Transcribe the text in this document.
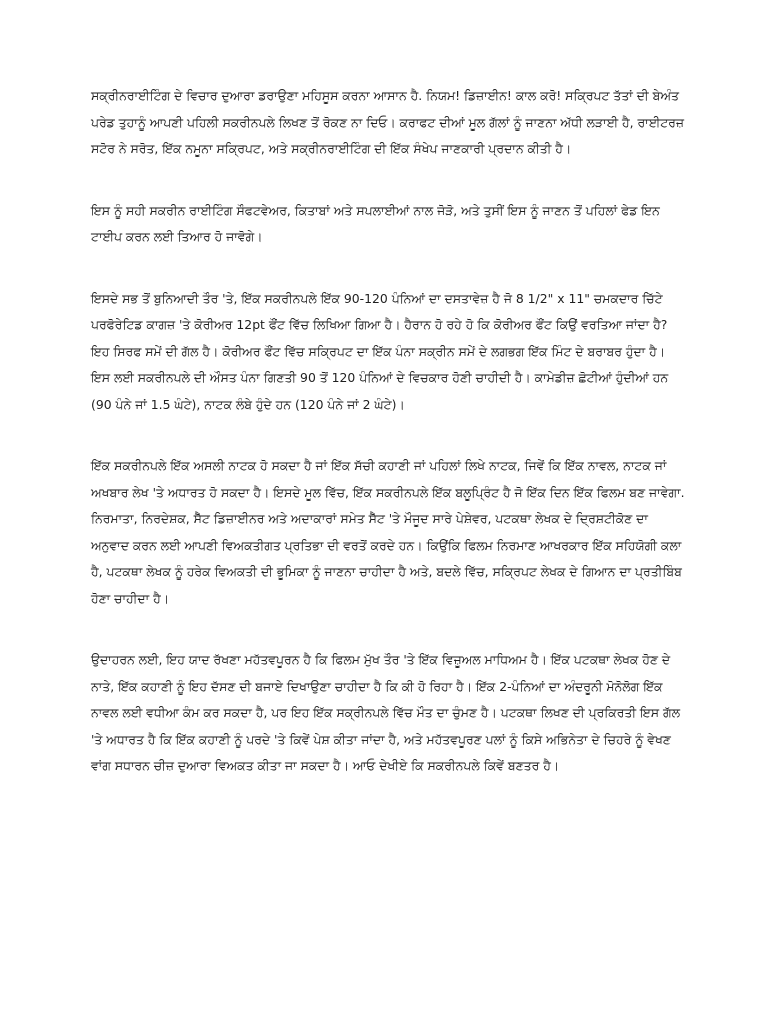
ਸਕ੍ਰੀਨਰਾਈਟਿੰਗ ਦੇ ਵਿਚਾਰ ਦੁਆਰਾ ਡਰਾਉਣਾ ਮਹਿਸੂਸ ਕਰਨਾ ਆਸਾਨ ਹੈ. ਨਿਯਮ! ਡਿਜ਼ਾਈਨ! ਕਾਲ ਕਰੋ! ਸਕ੍ਰਿਪਟ ਤੱਤਾਂ ਦੀ ਬੇਅੰਤ ਪਰੇਡ ਤੁਹਾਨੂੰ ਆਪਣੀ ਪਹਿਲੀ ਸਕਰੀਨਪਲੇ ਲਿਖਣ ਤੋਂ ਰੋਕਣ ਨਾ ਦਿਓ। ਕਰਾਫਟ ਦੀਆਂ ਮੂਲ ਗੱਲਾਂ ਨੂੰ ਜਾਣਨਾ ਅੱਧੀ ਲੜਾਈ ਹੈ, ਰਾਈਟਰਜ਼ ਸਟੋਰ ਨੇ ਸਰੋਤ, ਇੱਕ ਨਮੂਨਾ ਸਕ੍ਰਿਪਟ, ਅਤੇ ਸਕ੍ਰੀਨਰਾਈਟਿੰਗ ਦੀ ਇੱਕ ਸੰਖੇਪ ਜਾਣਕਾਰੀ ਪ੍ਰਦਾਨ ਕੀਤੀ ਹੈ।

ਇਸ ਨੂੰ ਸਹੀ ਸਕਰੀਨ ਰਾਈਟਿੰਗ ਸੌਫਟਵੇਅਰ, ਕਿਤਾਬਾਂ ਅਤੇ ਸਪਲਾਈਆਂ ਨਾਲ ਜੋੜੋ, ਅਤੇ ਤੁਸੀਂ ਇਸ ਨੂੰ ਜਾਣਨ ਤੋਂ ਪਹਿਲਾਂ ਫੇਡ ਇਨ ਟਾਈਪ ਕਰਨ ਲਈ ਤਿਆਰ ਹੋ ਜਾਵੋਗੇ।

ਇਸਦੇ ਸਭ ਤੋਂ ਬੁਨਿਆਦੀ ਤੌਰ 'ਤੇ, ਇੱਕ ਸਕਰੀਨਪਲੇ ਇੱਕ 90-120 ਪੰਨਿਆਂ ਦਾ ਦਸਤਾਵੇਜ਼ ਹੈ ਜੋ 8 1/2" x 11" ਚਮਕਦਾਰ ਚਿੱਟੇ ਪਰਫੋਰੇਟਿਡ ਕਾਗਜ਼ 'ਤੇ ਕੋਰੀਅਰ 12pt ਫੌਂਟ ਵਿੱਚ ਲਿਖਿਆ ਗਿਆ ਹੈ। ਹੈਰਾਨ ਹੋ ਰਹੇ ਹੋ ਕਿ ਕੋਰੀਅਰ ਫੌਂਟ ਕਿਉਂ ਵਰਤਿਆ ਜਾਂਦਾ ਹੈ? ਇਹ ਸਿਰਫ ਸਮੇਂ ਦੀ ਗੱਲ ਹੈ। ਕੋਰੀਅਰ ਫੌਂਟ ਵਿੱਚ ਸਕ੍ਰਿਪਟ ਦਾ ਇੱਕ ਪੰਨਾ ਸਕ੍ਰੀਨ ਸਮੇਂ ਦੇ ਲਗਭਗ ਇੱਕ ਮਿੰਟ ਦੇ ਬਰਾਬਰ ਹੁੰਦਾ ਹੈ। ਇਸ ਲਈ ਸਕਰੀਨਪਲੇ ਦੀ ਔਸਤ ਪੰਨਾ ਗਿਣਤੀ 90 ਤੋਂ 120 ਪੰਨਿਆਂ ਦੇ ਵਿਚਕਾਰ ਹੋਣੀ ਚਾਹੀਦੀ ਹੈ। ਕਾਮੇਡੀਜ਼ ਛੋਟੀਆਂ ਹੁੰਦੀਆਂ ਹਨ (90 ਪੰਨੇ ਜਾਂ 1.5 ਘੰਟੇ), ਨਾਟਕ ਲੰਬੇ ਹੁੰਦੇ ਹਨ (120 ਪੰਨੇ ਜਾਂ 2 ਘੰਟੇ)।

ਇੱਕ ਸਕਰੀਨਪਲੇ ਇੱਕ ਅਸਲੀ ਨਾਟਕ ਹੋ ਸਕਦਾ ਹੈ ਜਾਂ ਇੱਕ ਸੱਚੀ ਕਹਾਣੀ ਜਾਂ ਪਹਿਲਾਂ ਲਿਖੇ ਨਾਟਕ, ਜਿਵੇਂ ਕਿ ਇੱਕ ਨਾਵਲ, ਨਾਟਕ ਜਾਂ ਅਖਬਾਰ ਲੇਖ 'ਤੇ ਅਧਾਰਤ ਹੋ ਸਕਦਾ ਹੈ। ਇਸਦੇ ਮੂਲ ਵਿੱਚ, ਇੱਕ ਸਕਰੀਨਪਲੇ ਇੱਕ ਬਲੂਪ੍ਰਿੰਟ ਹੈ ਜੋ ਇੱਕ ਦਿਨ ਇੱਕ ਫਿਲਮ ਬਣ ਜਾਵੇਗਾ. ਨਿਰਮਾਤਾ, ਨਿਰਦੇਸ਼ਕ, ਸੈੱਟ ਡਿਜ਼ਾਈਨਰ ਅਤੇ ਅਦਾਕਾਰਾਂ ਸਮੇਤ ਸੈੱਟ 'ਤੇ ਮੌਜੂਦ ਸਾਰੇ ਪੇਸ਼ੇਵਰ, ਪਟਕਥਾ ਲੇਖਕ ਦੇ ਦ੍ਰਿਸ਼ਟੀਕੋਣ ਦਾ ਅਨੁਵਾਦ ਕਰਨ ਲਈ ਆਪਣੀ ਵਿਅਕਤੀਗਤ ਪ੍ਰਤਿਭਾ ਦੀ ਵਰਤੋਂ ਕਰਦੇ ਹਨ। ਕਿਉਂਕਿ ਫਿਲਮ ਨਿਰਮਾਣ ਆਖਰਕਾਰ ਇੱਕ ਸਹਿਯੋਗੀ ਕਲਾ ਹੈ, ਪਟਕਥਾ ਲੇਖਕ ਨੂੰ ਹਰੇਕ ਵਿਅਕਤੀ ਦੀ ਭੂਮਿਕਾ ਨੂੰ ਜਾਣਨਾ ਚਾਹੀਦਾ ਹੈ ਅਤੇ, ਬਦਲੇ ਵਿੱਚ, ਸਕ੍ਰਿਪਟ ਲੇਖਕ ਦੇ ਗਿਆਨ ਦਾ ਪ੍ਰਤੀਬਿੰਬ ਹੋਣਾ ਚਾਹੀਦਾ ਹੈ।

ਉਦਾਹਰਨ ਲਈ, ਇਹ ਯਾਦ ਰੱਖਣਾ ਮਹੱਤਵਪੂਰਨ ਹੈ ਕਿ ਫਿਲਮ ਮੁੱਖ ਤੌਰ 'ਤੇ ਇੱਕ ਵਿਜ਼ੂਅਲ ਮਾਧਿਅਮ ਹੈ। ਇੱਕ ਪਟਕਥਾ ਲੇਖਕ ਹੋਣ ਦੇ ਨਾਤੇ, ਇੱਕ ਕਹਾਣੀ ਨੂੰ ਇਹ ਦੱਸਣ ਦੀ ਬਜਾਏ ਦਿਖਾਉਣਾ ਚਾਹੀਦਾ ਹੈ ਕਿ ਕੀ ਹੋ ਰਿਹਾ ਹੈ। ਇੱਕ 2-ਪੰਨਿਆਂ ਦਾ ਅੰਦਰੂਨੀ ਮੋਨੋਲੋਗ ਇੱਕ ਨਾਵਲ ਲਈ ਵਧੀਆ ਕੰਮ ਕਰ ਸਕਦਾ ਹੈ, ਪਰ ਇਹ ਇੱਕ ਸਕ੍ਰੀਨਪਲੇ ਵਿੱਚ ਮੌਤ ਦਾ ਚੁੰਮਣ ਹੈ। ਪਟਕਥਾ ਲਿਖਣ ਦੀ ਪ੍ਰਕਿਰਤੀ ਇਸ ਗੱਲ 'ਤੇ ਅਧਾਰਤ ਹੈ ਕਿ ਇੱਕ ਕਹਾਣੀ ਨੂੰ ਪਰਦੇ 'ਤੇ ਕਿਵੇਂ ਪੇਸ਼ ਕੀਤਾ ਜਾਂਦਾ ਹੈ, ਅਤੇ ਮਹੱਤਵਪੂਰਣ ਪਲਾਂ ਨੂੰ ਕਿਸੇ ਅਭਿਨੇਤਾ ਦੇ ਚਿਹਰੇ ਨੂੰ ਵੇਖਣ ਵਾਂਗ ਸਧਾਰਨ ਚੀਜ਼ ਦੁਆਰਾ ਵਿਅਕਤ ਕੀਤਾ ਜਾ ਸਕਦਾ ਹੈ। ਆਓ ਦੇਖੀਏ ਕਿ ਸਕਰੀਨਪਲੇ ਕਿਵੇਂ ਬਣਤਰ ਹੈ।
